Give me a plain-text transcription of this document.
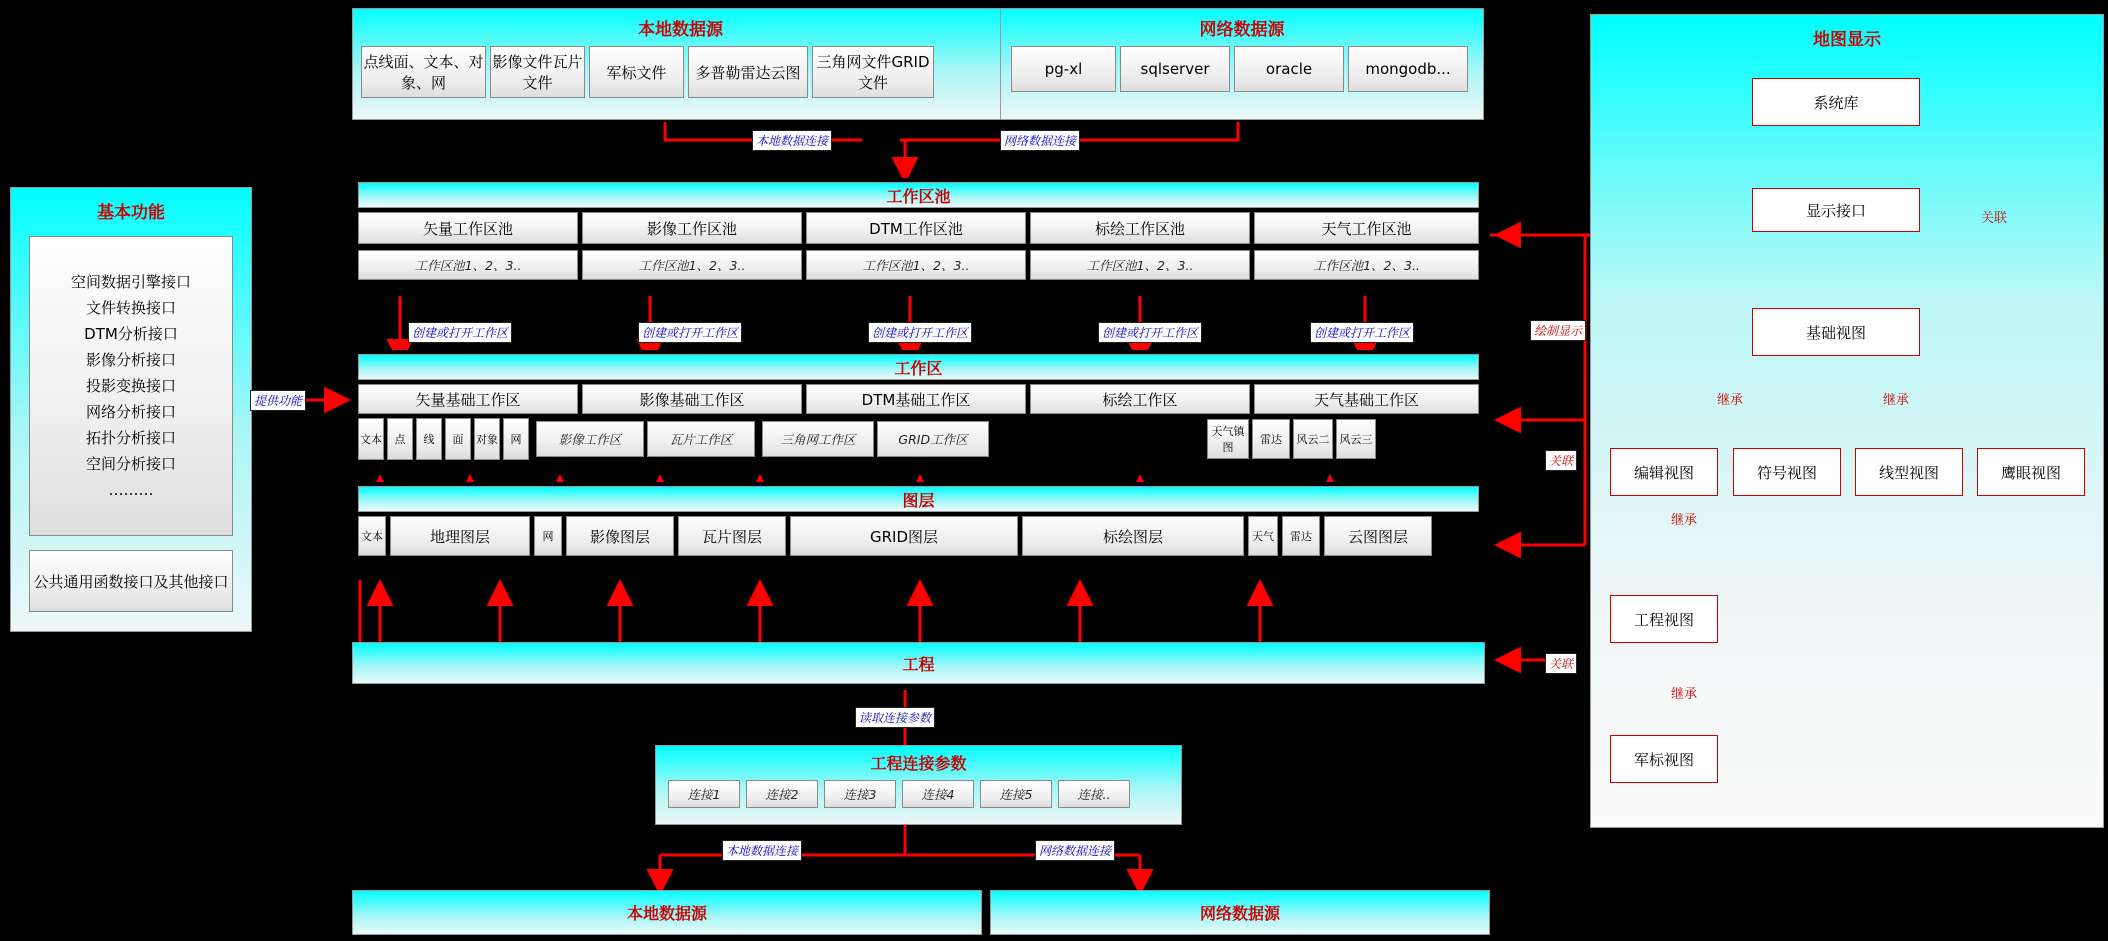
本地数据源
点线面、文本、对象、网
影像文件瓦片文件
军标文件	多普勒雷达云图
三角网文件GRID文件
网络数据源
pg-xl	sqlserver	oracle	mongodb...
本地数据连接	网络数据连接
基本功能
空间数据引擎接口
文件转换接口
DTM分析接口
影像分析接口
投影变换接口
网络分析接口
拓扑分析接口
空间分析接口
………
公共通用函数接口及其他接口
提供功能
工作区池
矢量工作区池	影像工作区池	DTM工作区池	标绘工作区池	天气工作区池
工作区池1、2、3..	工作区池1、2、3..	工作区池1、2、3..	工作区池1、2、3..	工作区池1、2、3..
创建或打开工作区	创建或打开工作区	创建或打开工作区	创建或打开工作区	创建或打开工作区
工作区
矢量基础工作区	影像基础工作区	DTM基础工作区	标绘工作区	天气基础工作区
文本	点	线	面	对象	网	影像工作区	瓦片工作区	三角网工作区	GRID工作区
天气镇图
雷达	风云二 风云三
图层
文本	地理图层	网	影像图层	瓦片图层	GRID图层	标绘图层	天气	雷达	云图图层
工程	关联
关联
绘制显示
读取连接参数
工程连接参数
连接1	连接2	连接3	连接4	连接5	连接..
本地数据连接	网络数据连接
本地数据源	网络数据源
地图显示
系统库
显示接口
基础视图
关联
继承	继承
编辑视图	符号视图	线型视图	鹰眼视图
继承
工程视图
继承
军标视图
